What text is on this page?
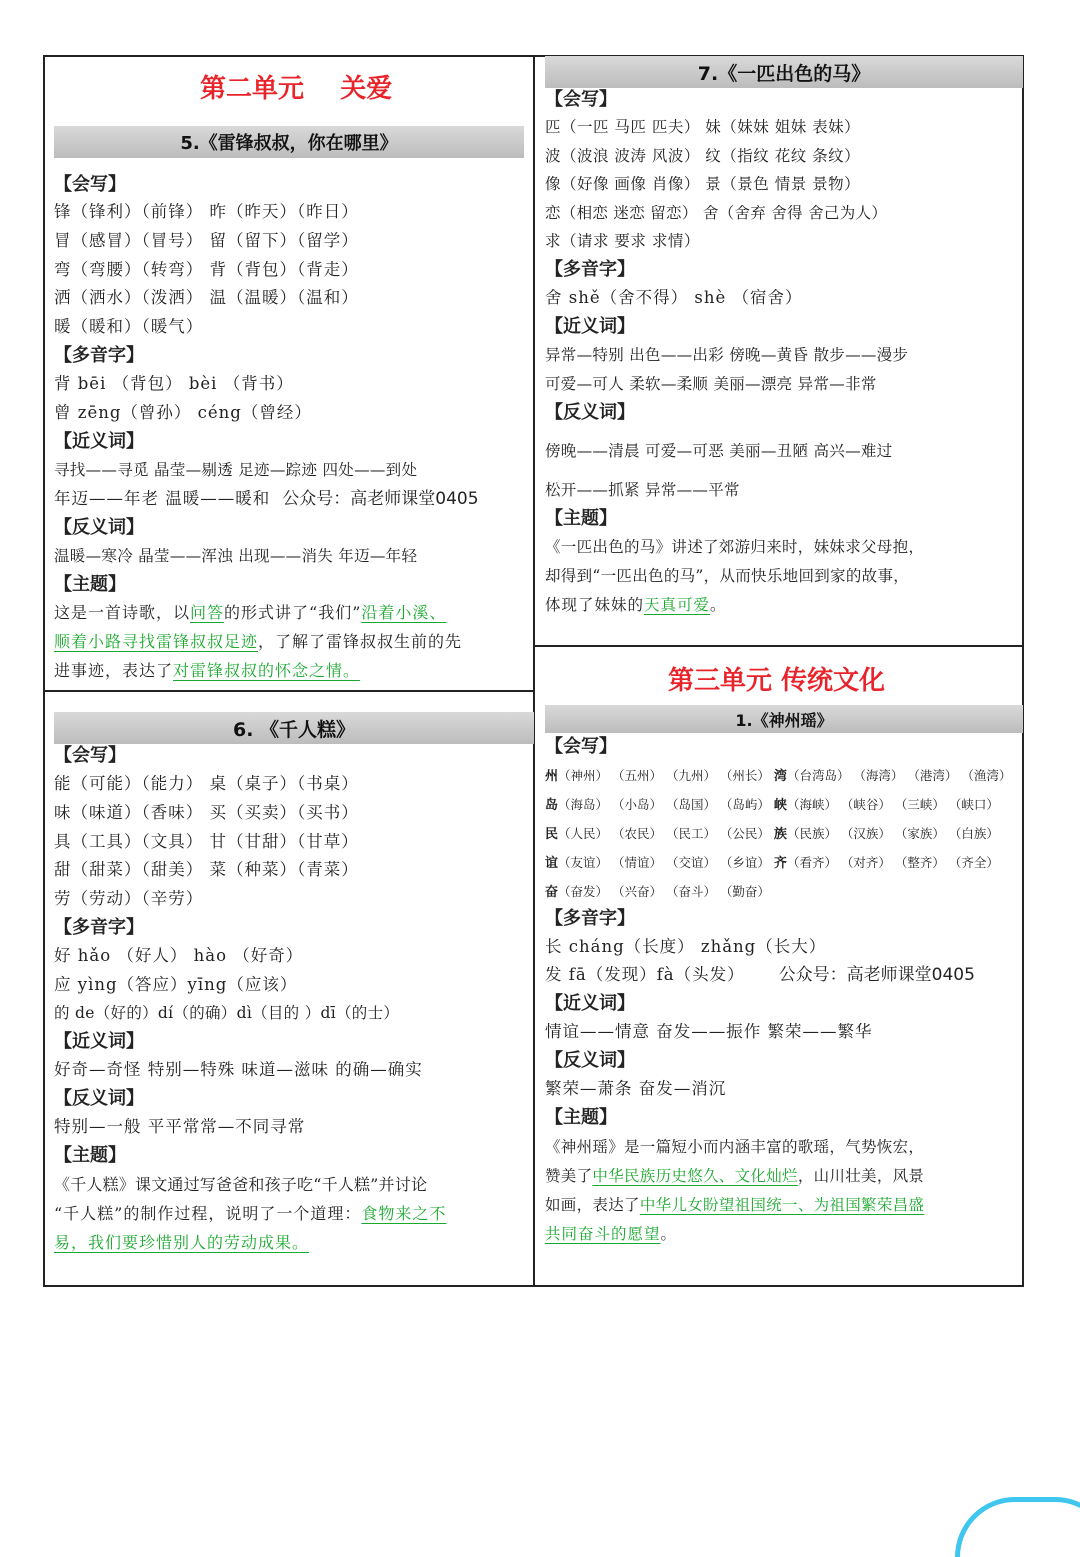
第二单元    关爱
5.《雷锋叔叔，你在哪里》
【会写】
锋（锋利）（前锋） 昨（昨天）（昨日）
冒（感冒）（冒号） 留（留下）（留学）
弯（弯腰）（转弯） 背（背包）（背走）
洒（洒水）（泼洒） 温（温暖）（温和）
暖（暖和）（暖气）
【多音字】
背 bēi （背包） bèi （背书）
曾 zēng（曾孙） céng（曾经）
【近义词】
寻找——寻觅 晶莹—剔透 足迹—踪迹 四处——到处
年迈——年老 温暖——暖和 公众号：高老师课堂0405
【反义词】
温暖—寒冷 晶莹——浑浊 出现——消失 年迈—年轻
【主题】
这是一首诗歌，以问答的形式讲了“我们”沿着小溪、
顺着小路寻找雷锋叔叔足迹，了解了雷锋叔叔生前的先
进事迹，表达了对雷锋叔叔的怀念之情。
6. 《千人糕》
【会写】
能（可能）（能力） 桌（桌子）（书桌）
味（味道）（香味） 买（买卖）（买书）
具（工具）（文具） 甘（甘甜）（甘草）
甜（甜菜）（甜美） 菜（种菜）（青菜）
劳（劳动）（辛劳）
【多音字】
好 hǎo （好人） hào （好奇）
应 yìng（答应）yīng（应该）
的 de（好的）dí（的确）dì（目的 ）dī（的士）
【近义词】
好奇—奇怪 特别—特殊 味道—滋味 的确—确实
【反义词】
特别—一般 平平常常—不同寻常
【主题】
《千人糕》课文通过写爸爸和孩子吃“千人糕”并讨论
“千人糕”的制作过程，说明了一个道理：食物来之不
易，我们要珍惜别人的劳动成果。
7.《一匹出色的马》
【会写】
匹（一匹 马匹 匹夫） 妹（妹妹 姐妹 表妹）
波（波浪 波涛 风波） 纹（指纹 花纹 条纹）
像（好像 画像 肖像） 景（景色 情景 景物）
恋（相恋 迷恋 留恋） 舍（舍弃 舍得 舍己为人）
求（请求 要求 求情）
【多音字】
舍 shě（舍不得） shè （宿舍）
【近义词】
异常—特别 出色——出彩 傍晚—黄昏 散步——漫步
可爱—可人 柔软—柔顺 美丽—漂亮 异常—非常
【反义词】
傍晚——清晨 可爱—可恶 美丽—丑陋 高兴—难过
松开——抓紧 异常——平常
【主题】
《一匹出色的马》讲述了郊游归来时，妹妹求父母抱，
却得到“一匹出色的马”，从而快乐地回到家的故事，
体现了妹妹的天真可爱。
第三单元 传统文化
1.《神州瑶》
【会写】
州（神州） （五州） （九州） （州长） 湾（台湾岛） （海湾） （港湾） （渔湾）
岛（海岛） （小岛） （岛国） （岛屿） 峡（海峡） （峡谷） （三峡） （峡口）
民（人民） （农民） （民工） （公民） 族（民族） （汉族） （家族） （白族）
谊（友谊） （情谊） （交谊） （乡谊） 齐（看齐） （对齐） （整齐） （齐全）
奋（奋发） （兴奋） （奋斗） （勤奋）
【多音字】
长 cháng（长度） zhǎng（长大）
发 fā（发现）fà（头发） 公众号：高老师课堂0405
【近义词】
情谊——情意 奋发——振作 繁荣——繁华
【反义词】
繁荣—萧条 奋发—消沉
【主题】
《神州瑶》是一篇短小而内涵丰富的歌瑶，气势恢宏，
赞美了中华民族历史悠久、文化灿烂，山川壮美，风景
如画，表达了中华儿女盼望祖国统一、为祖国繁荣昌盛
共同奋斗的愿望。
